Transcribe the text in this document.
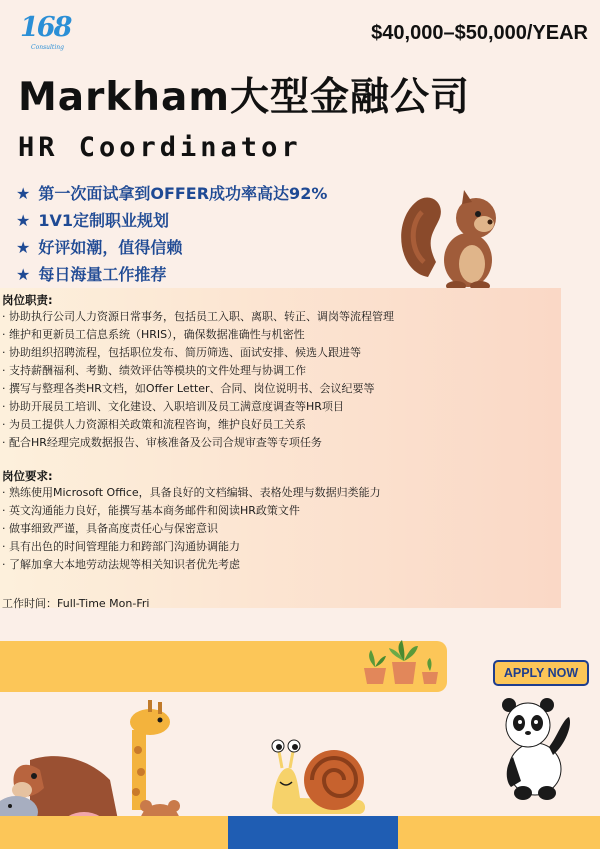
168
Consulting
$40,000–$50,000/YEAR
Markham大型金融公司
HR Coordinator
★ 第一次面试拿到OFFER成功率高达92%
★ 1V1定制职业规划
★ 好评如潮，值得信赖
★ 每日海量工作推荐
岗位职责:
· 协助执行公司人力资源日常事务，包括员工入职、离职、转正、调岗等流程管理
· 维护和更新员工信息系统（HRIS），确保数据准确性与机密性
· 协助组织招聘流程，包括职位发布、简历筛选、面试安排、候选人跟进等
· 支持薪酬福利、考勤、绩效评估等模块的文件处理与协调工作
· 撰写与整理各类HR文档，如Offer Letter、合同、岗位说明书、会议纪要等
· 协助开展员工培训、文化建设、入职培训及员工满意度调查等HR项目
· 为员工提供人力资源相关政策和流程咨询，维护良好员工关系
· 配合HR经理完成数据报告、审核准备及公司合规审查等专项任务
岗位要求:
· 熟练使用Microsoft Office，具备良好的文档编辑、表格处理与数据归类能力
· 英文沟通能力良好，能撰写基本商务邮件和阅读HR政策文件
· 做事细致严谨，具备高度责任心与保密意识
· 具有出色的时间管理能力和跨部门沟通协调能力
· 了解加拿大本地劳动法规等相关知识者优先考虑
工作时间：Full-Time Mon-Fri
APPLY NOW
